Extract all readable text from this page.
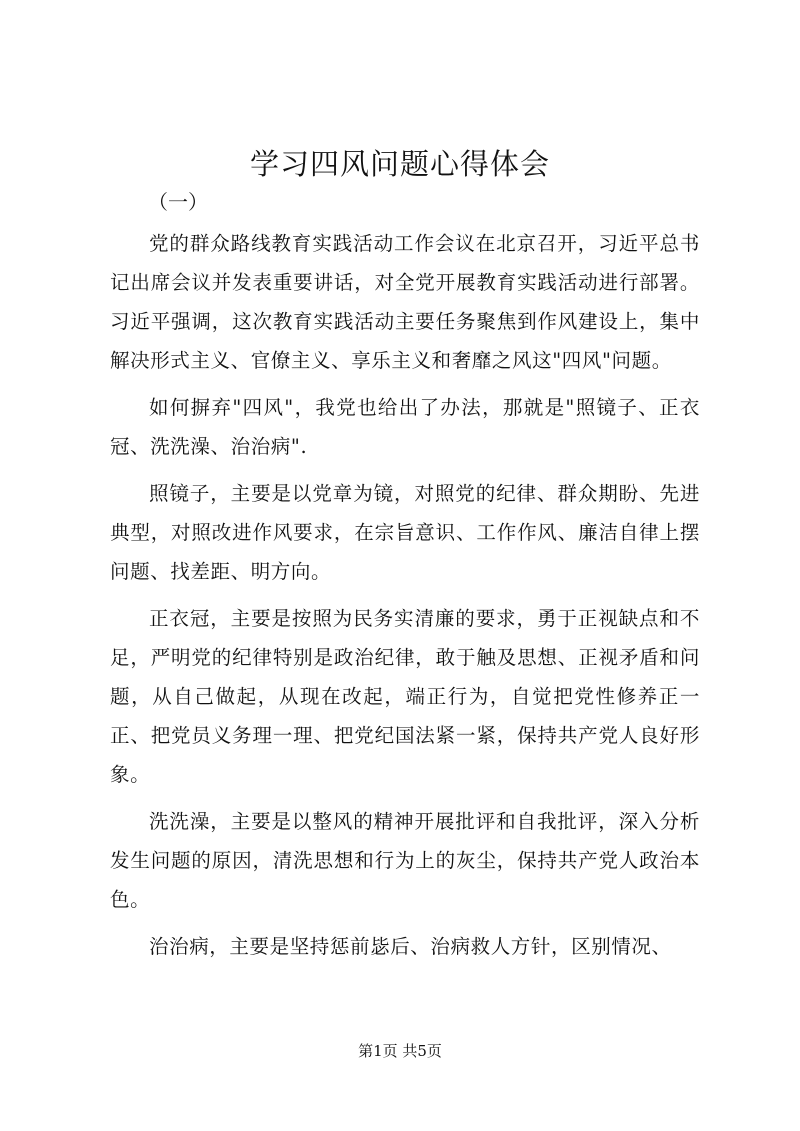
学习四风问题心得体会

（一）

党的群众路线教育实践活动工作会议在北京召开，习近平总书记出席会议并发表重要讲话，对全党开展教育实践活动进行部署。习近平强调，这次教育实践活动主要任务聚焦到作风建设上，集中解决形式主义、官僚主义、享乐主义和奢靡之风这"四风"问题。

如何摒弃"四风"，我党也给出了办法，那就是"照镜子、正衣冠、洗洗澡、治治病".

照镜子，主要是以党章为镜，对照党的纪律、群众期盼、先进典型，对照改进作风要求，在宗旨意识、工作作风、廉洁自律上摆问题、找差距、明方向。

正衣冠，主要是按照为民务实清廉的要求，勇于正视缺点和不足，严明党的纪律特别是政治纪律，敢于触及思想、正视矛盾和问题，从自己做起，从现在改起，端正行为，自觉把党性修养正一正、把党员义务理一理、把党纪国法紧一紧，保持共产党人良好形象。

洗洗澡，主要是以整风的精神开展批评和自我批评，深入分析发生问题的原因，清洗思想和行为上的灰尘，保持共产党人政治本色。

治治病，主要是坚持惩前毖后、治病救人方针，区别情况、

第1页 共5页
